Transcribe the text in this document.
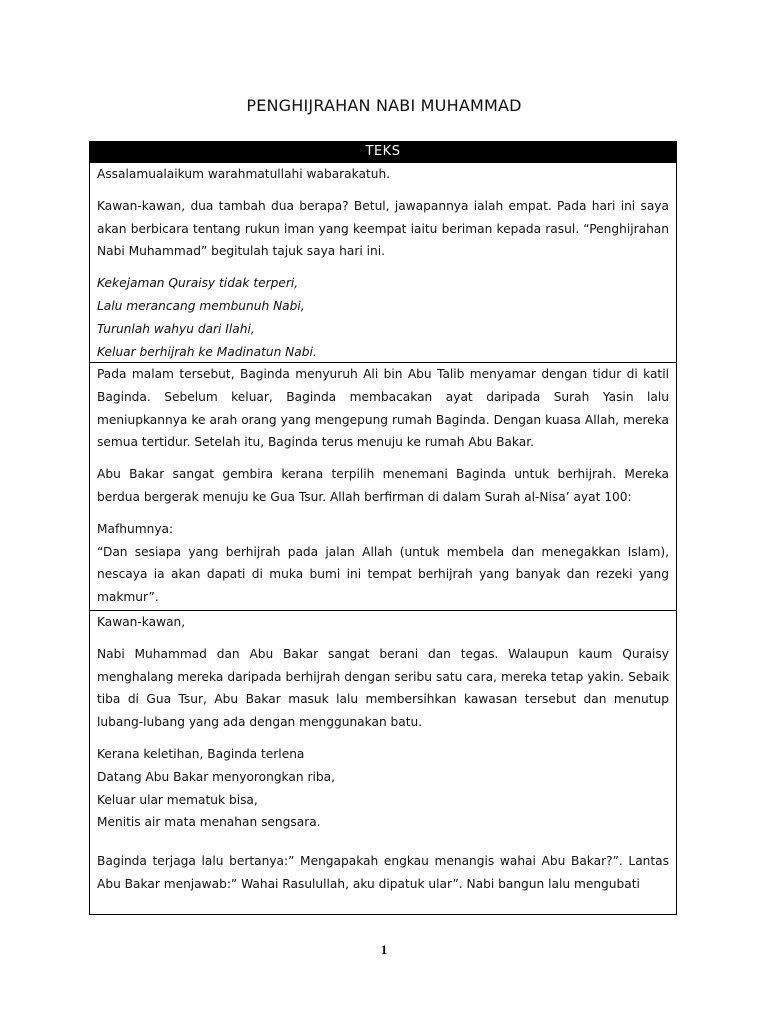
PENGHIJRAHAN NABI MUHAMMAD
TEKS

Assalamualaikum warahmatullahi wabarakatuh.

Kawan-kawan, dua tambah dua berapa? Betul, jawapannya ialah empat. Pada hari ini saya akan berbicara tentang rukun iman yang keempat iaitu beriman kepada rasul. “Penghijrahan Nabi Muhammad” begitulah tajuk saya hari ini.

Kekejaman Quraisy tidak terperi,
Lalu merancang membunuh Nabi,
Turunlah wahyu dari Ilahi,
Keluar berhijrah ke Madinatun Nabi.

Pada malam tersebut, Baginda menyuruh Ali bin Abu Talib menyamar dengan tidur di katil Baginda. Sebelum keluar, Baginda membacakan ayat daripada Surah Yasin lalu meniupkannya ke arah orang yang mengepung rumah Baginda. Dengan kuasa Allah, mereka semua tertidur. Setelah itu, Baginda terus menuju ke rumah Abu Bakar.

Abu Bakar sangat gembira kerana terpilih menemani Baginda untuk berhijrah. Mereka berdua bergerak menuju ke Gua Tsur. Allah berfirman di dalam Surah al-Nisa’ ayat 100:

Mafhumnya:

“Dan sesiapa yang berhijrah pada jalan Allah (untuk membela dan menegakkan Islam), nescaya ia akan dapati di muka bumi ini tempat berhijrah yang banyak dan rezeki yang makmur”.

Kawan-kawan,

Nabi Muhammad dan Abu Bakar sangat berani dan tegas. Walaupun kaum Quraisy menghalang mereka daripada berhijrah dengan seribu satu cara, mereka tetap yakin. Sebaik tiba di Gua Tsur, Abu Bakar masuk lalu membersihkan kawasan tersebut dan menutup lubang-lubang yang ada dengan menggunakan batu.

Kerana keletihan, Baginda terlena
Datang Abu Bakar menyorongkan riba,
Keluar ular mematuk bisa,
Menitis air mata menahan sengsara.

Baginda terjaga lalu bertanya:” Mengapakah engkau menangis wahai Abu Bakar?”. Lantas Abu Bakar menjawab:” Wahai Rasulullah, aku dipatuk ular”. Nabi bangun lalu mengubati

1
